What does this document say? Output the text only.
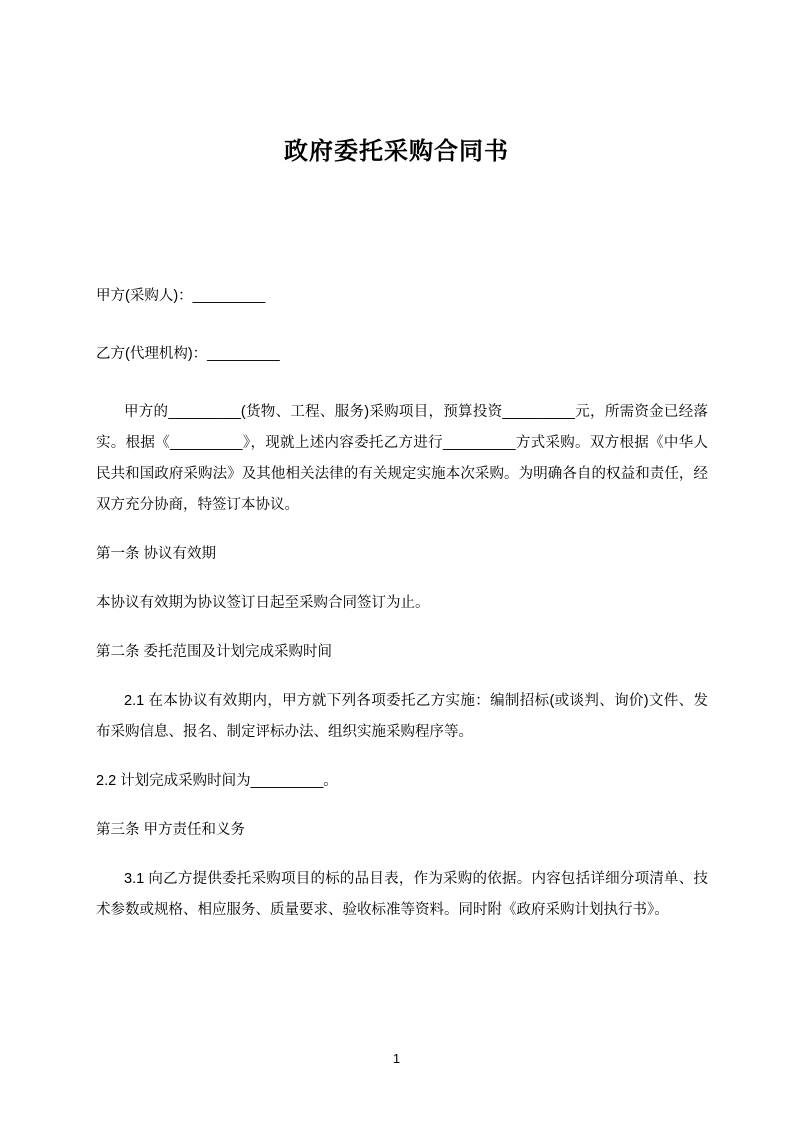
政府委托采购合同书

甲方(采购人)：_________

乙方(代理机构)：_________

甲方的_________(货物、工程、服务)采购项目，预算投资_________元，所需资金已经落实。根据《_________》，现就上述内容委托乙方进行_________方式采购。双方根据《中华人民共和国政府采购法》及其他相关法律的有关规定实施本次采购。为明确各自的权益和责任，经双方充分协商，特签订本协议。

第一条 协议有效期

本协议有效期为协议签订日起至采购合同签订为止。

第二条 委托范围及计划完成采购时间

2.1 在本协议有效期内，甲方就下列各项委托乙方实施：编制招标(或谈判、询价)文件、发布采购信息、报名、制定评标办法、组织实施采购程序等。

2.2 计划完成采购时间为_________。

第三条 甲方责任和义务

3.1 向乙方提供委托采购项目的标的品目表，作为采购的依据。内容包括详细分项清单、技术参数或规格、相应服务、质量要求、验收标准等资料。同时附《政府采购计划执行书》。

1
